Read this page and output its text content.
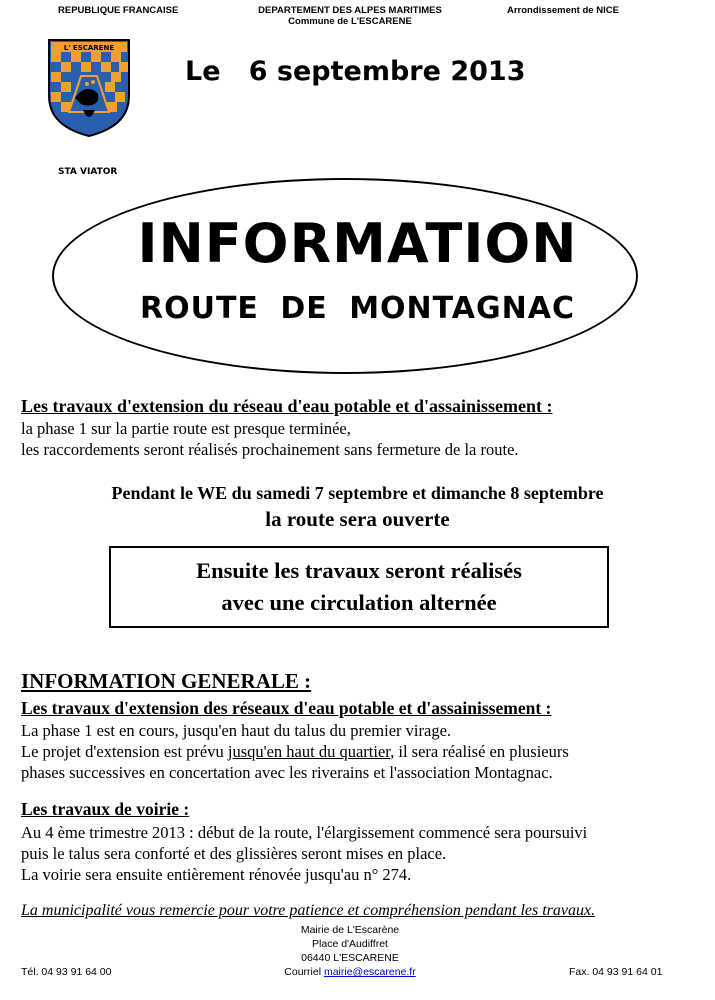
REPUBLIQUE FRANCAISE	DEPARTEMENT DES ALPES MARITIMES
Commune de L'ESCARENE
Arrondissement de NICE
L' ESCARENE
Le 6 septembre 2013
STA VIATOR
INFORMATION
ROUTE DE MONTAGNAC
Les travaux d'extension du réseau d'eau potable et d'assainissement :
la phase 1 sur la partie route est presque terminée,
les raccordements seront réalisés prochainement sans fermeture de la route.
Pendant le WE du samedi 7 septembre et dimanche 8 septembre
la route sera ouverte
Ensuite les travaux seront réalisés
avec une circulation alternée
INFORMATION GENERALE :
Les travaux d'extension des réseaux d'eau potable et d'assainissement :
La phase 1 est en cours, jusqu'en haut du talus du premier virage.
Le projet d'extension est prévu jusqu'en haut du quartier, il sera réalisé en plusieurs
phases successives en concertation avec les riverains et l'association Montagnac.
Les travaux de voirie :
Au 4 ème trimestre 2013 : début de la route, l'élargissement commencé sera poursuivi
puis le talus sera conforté et des glissières seront mises en place.
La voirie sera ensuite entièrement rénovée jusqu'au n° 274.
La municipalité vous remercie pour votre patience et compréhension pendant les travaux.
Mairie de L'Escarène
Place d'Audiffret
06440 L'ESCARENE
Courriel mairie@escarene.fr
Tél. 04 93 91 64 00	Fax. 04 93 91 64 01
